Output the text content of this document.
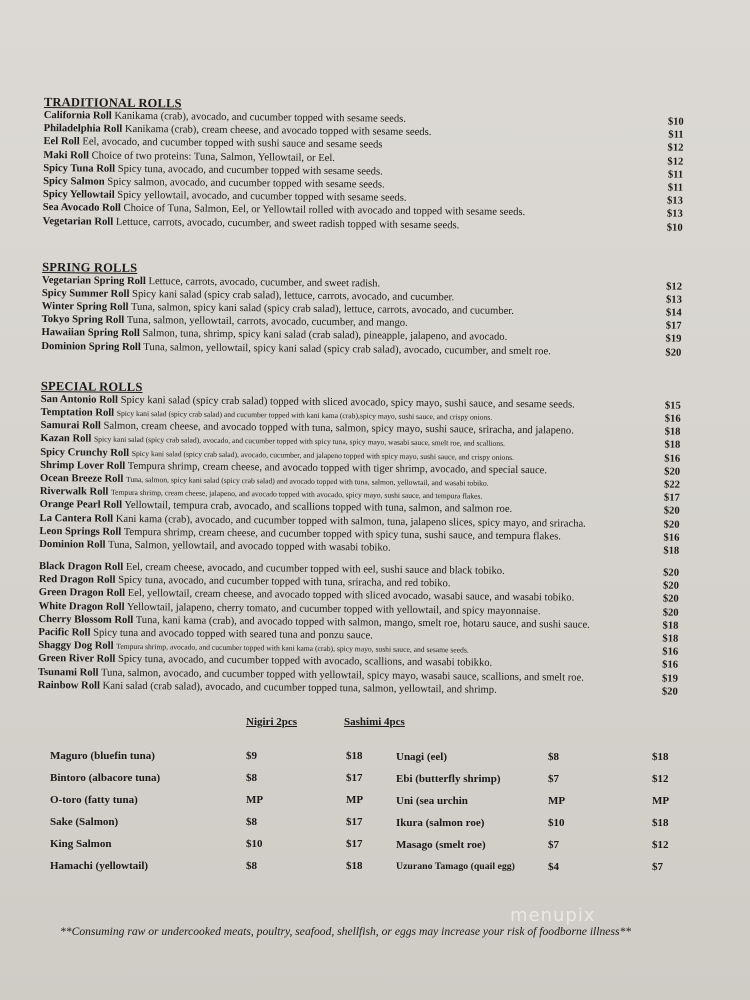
TRADITIONAL ROLLS
California Roll Kanikama (crab), avocado, and cucumber topped with sesame seeds.	$10
Philadelphia Roll Kanikama (crab), cream cheese, and avocado topped with sesame seeds.	$11
Eel Roll Eel, avocado, and cucumber topped with sushi sauce and sesame seeds	$12
Maki Roll Choice of two proteins: Tuna, Salmon, Yellowtail, or Eel.	$12
Spicy Tuna Roll Spicy tuna, avocado, and cucumber topped with sesame seeds.	$11
Spicy Salmon Spicy salmon, avocado, and cucumber topped with sesame seeds.	$11
Spicy Yellowtail Spicy yellowtail, avocado, and cucumber topped with sesame seeds.	$13
Sea Avocado Roll Choice of Tuna, Salmon, Eel, or Yellowtail rolled with avocado and topped with sesame seeds.	$13
Vegetarian Roll Lettuce, carrots, avocado, cucumber, and sweet radish topped with sesame seeds.	$10
SPRING ROLLS
Vegetarian Spring Roll Lettuce, carrots, avocado, cucumber, and sweet radish.	$12
Spicy Summer Roll Spicy kani salad (spicy crab salad), lettuce, carrots, avocado, and cucumber.	$13
Winter Spring Roll Tuna, salmon, spicy kani salad (spicy crab salad), lettuce, carrots, avocado, and cucumber.	$14
Tokyo Spring Roll Tuna, salmon, yellowtail, carrots, avocado, cucumber, and mango.	$17
Hawaiian Spring Roll Salmon, tuna, shrimp, spicy kani salad (crab salad), pineapple, jalapeno, and avocado.	$19
Dominion Spring Roll Tuna, salmon, yellowtail, spicy kani salad (spicy crab salad), avocado, cucumber, and smelt roe.	$20
SPECIAL ROLLS
San Antonio Roll Spicy kani salad (spicy crab salad) topped with sliced avocado, spicy mayo, sushi sauce, and sesame seeds.	$15
Temptation Roll Spicy kani salad (spicy crab salad) and cucumber topped with kani kama (crab),spicy mayo, sushi sauce, and crispy onions.	$16
Samurai Roll Salmon, cream cheese, and avocado topped with tuna, salmon, spicy mayo, sushi sauce, sriracha, and jalapeno.	$18
Kazan Roll Spicy kani salad (spicy crab salad), avocado, and cucumber topped with spicy tuna, spicy mayo, wasabi sauce, smelt roe, and scallions.	$18
Spicy Crunchy Roll Spicy kani salad (spicy crab salad), avocado, cucumber, and jalapeno topped with spicy mayo, sushi sauce, and crispy onions.	$16
Shrimp Lover Roll Tempura shrimp, cream cheese, and avocado topped with tiger shrimp, avocado, and special sauce.	$20
Ocean Breeze Roll Tuna, salmon, spicy kani salad (spicy crab salad) and avocado topped with tuna, salmon, yellowtail, and wasabi tobiko.	$22
Riverwalk Roll Tempura shrimp, cream cheese, jalapeno, and avocado topped with avocado, spicy mayo, sushi sauce, and tempura flakes.	$17
Orange Pearl Roll Yellowtail, tempura crab, avocado, and scallions topped with tuna, salmon, and salmon roe.	$20
La Cantera Roll Kani kama (crab), avocado, and cucumber topped with salmon, tuna, jalapeno slices, spicy mayo, and sriracha.	$20
Leon Springs Roll Tempura shrimp, cream cheese, and cucumber topped with spicy tuna, sushi sauce, and tempura flakes.	$16
Dominion Roll Tuna, Salmon, yellowtail, and avocado topped with wasabi tobiko.	$18
Black Dragon Roll Eel, cream cheese, avocado, and cucumber topped with eel, sushi sauce and black tobiko.	$20
Red Dragon Roll Spicy tuna, avocado, and cucumber topped with tuna, sriracha, and red tobiko.	$20
Green Dragon Roll Eel, yellowtail, cream cheese, and avocado topped with sliced avocado, wasabi sauce, and wasabi tobiko.	$20
White Dragon Roll Yellowtail, jalapeno, cherry tomato, and cucumber topped with yellowtail, and spicy mayonnaise.	$20
Cherry Blossom Roll Tuna, kani kama (crab), and avocado topped with salmon, mango, smelt roe, hotaru sauce, and sushi sauce.	$18
Pacific Roll Spicy tuna and avocado topped with seared tuna and ponzu sauce.	$18
Shaggy Dog Roll Tempura shrimp, avocado, and cucumber topped with kani kama (crab), spicy mayo, sushi sauce, and sesame seeds.	$16
Green River Roll Spicy tuna, avocado, and cucumber topped with avocado, scallions, and wasabi tobikko.	$16
Tsunami Roll Tuna, salmon, avocado, and cucumber topped with yellowtail, spicy mayo, wasabi sauce, scallions, and smelt roe.	$19
Rainbow Roll Kani salad (crab salad), avocado, and cucumber topped tuna, salmon, yellowtail, and shrimp.	$20
Nigiri 2pcs	Sashimi 4pcs
Maguro (bluefin tuna)	$9	$18
Bintoro (albacore tuna)	$8	$17
O-toro (fatty tuna)	MP	MP
Sake (Salmon)	$8	$17
King Salmon	$10	$17
Hamachi (yellowtail)	$8	$18
Unagi (eel)	$8	$18
Ebi (butterfly shrimp)	$7	$12
Uni (sea urchin	MP	MP
Ikura (salmon roe)	$10	$18
Masago (smelt roe)	$7	$12
Uzurano Tamago (quail egg)	$4	$7
**Consuming raw or undercooked meats, poultry, seafood, shellfish, or eggs may increase your risk of foodborne illness**
menupix
